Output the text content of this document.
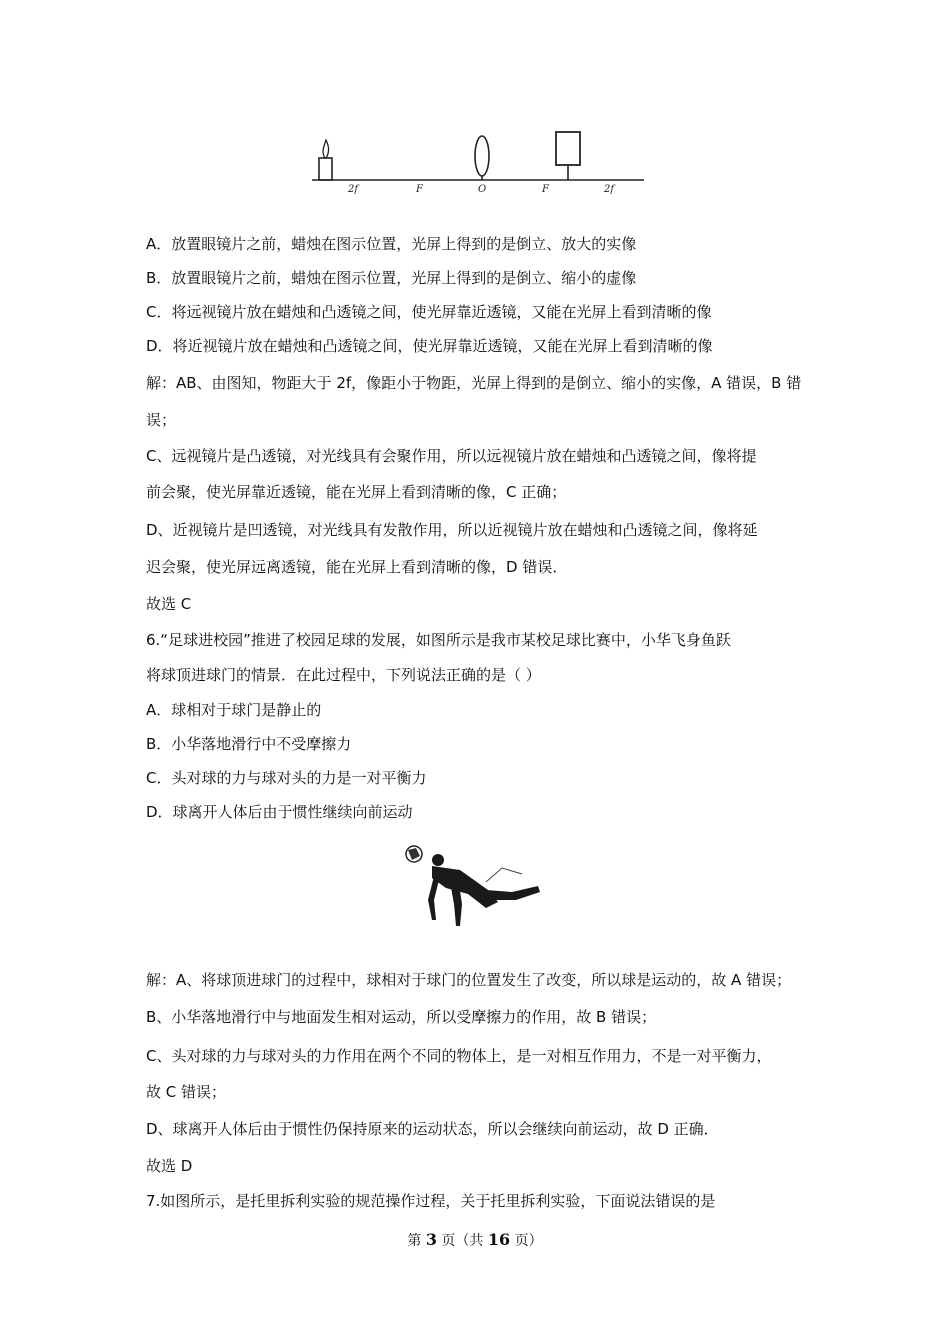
2f	F	O	F	2f
A．放置眼镜片之前，蜡烛在图示位置，光屏上得到的是倒立、放大的实像
B．放置眼镜片之前，蜡烛在图示位置，光屏上得到的是倒立、缩小的虚像
C．将远视镜片放在蜡烛和凸透镜之间，使光屏靠近透镜，又能在光屏上看到清晰的像
D．将近视镜片放在蜡烛和凸透镜之间，使光屏靠近透镜，又能在光屏上看到清晰的像
解：AB、由图知，物距大于 2f，像距小于物距，光屏上得到的是倒立、缩小的实像，A 错误，B 错
误；
C、远视镜片是凸透镜，对光线具有会聚作用，所以远视镜片放在蜡烛和凸透镜之间，像将提
前会聚，使光屏靠近透镜，能在光屏上看到清晰的像，C 正确；
D、近视镜片是凹透镜，对光线具有发散作用，所以近视镜片放在蜡烛和凸透镜之间，像将延
迟会聚，使光屏远离透镜，能在光屏上看到清晰的像，D 错误．
故选 C
6.“足球进校园”推进了校园足球的发展，如图所示是我市某校足球比赛中，小华飞身鱼跃
将球顶进球门的情景．在此过程中，下列说法正确的是（ ）
A．球相对于球门是静止的
B．小华落地滑行中不受摩擦力
C．头对球的力与球对头的力是一对平衡力
D．球离开人体后由于惯性继续向前运动
解：A、将球顶进球门的过程中，球相对于球门的位置发生了改变，所以球是运动的，故 A 错误；
B、小华落地滑行中与地面发生相对运动，所以受摩擦力的作用，故 B 错误；
C、头对球的力与球对头的力作用在两个不同的物体上，是一对相互作用力，不是一对平衡力，
故 C 错误；
D、球离开人体后由于惯性仍保持原来的运动状态，所以会继续向前运动，故 D 正确．
故选 D
7.如图所示，是托里拆利实验的规范操作过程，关于托里拆利实验，下面说法错误的是
第 3 页（共 16 页）
